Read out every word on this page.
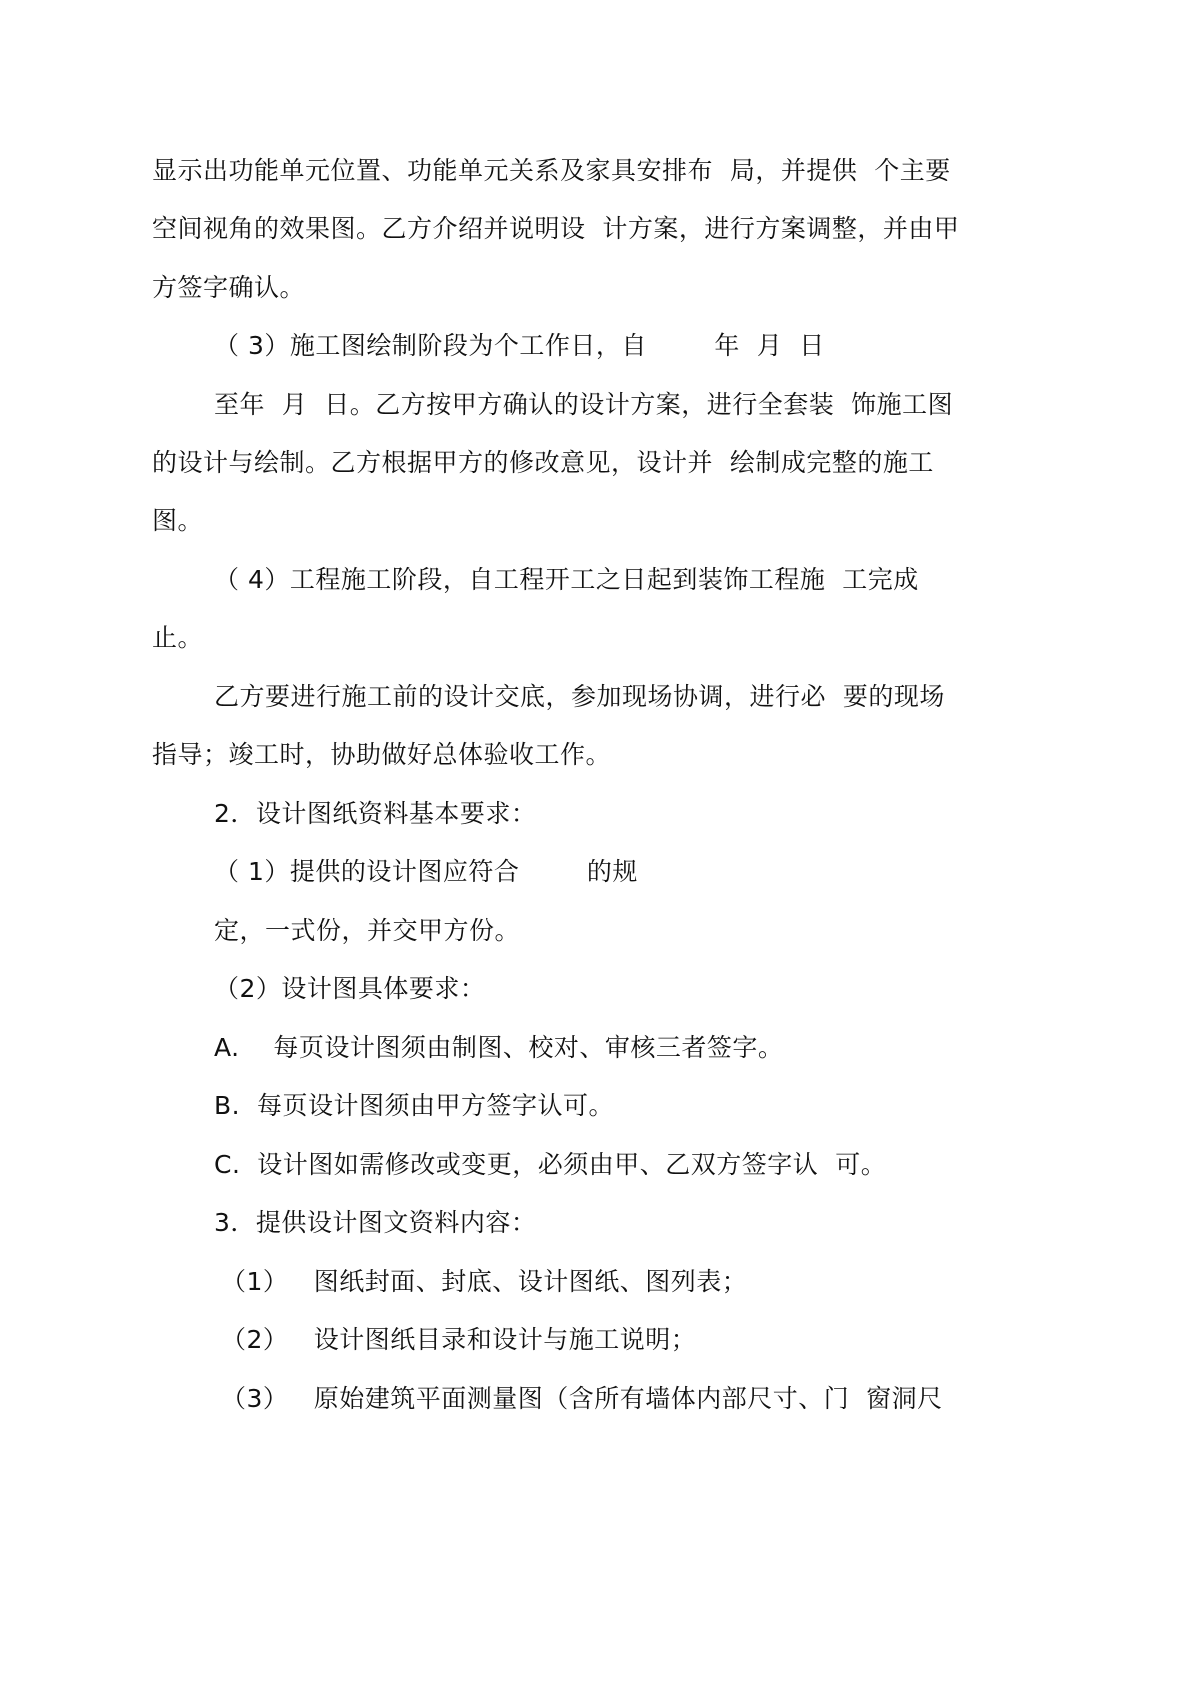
显示出功能单元位置、功能单元关系及家具安排布  局，并提供  个主要
空间视角的效果图。乙方介绍并说明设  计方案，进行方案调整，并由甲
方签字确认。
（ 3）施工图绘制阶段为个工作日，自        年  月  日
至年  月  日。乙方按甲方确认的设计方案，进行全套装  饰施工图
的设计与绘制。乙方根据甲方的修改意见，设计并  绘制成完整的施工
图。
（ 4）工程施工阶段，自工程开工之日起到装饰工程施  工完成
止。
乙方要进行施工前的设计交底，参加现场协调，进行必  要的现场
指导；竣工时，协助做好总体验收工作。
2．设计图纸资料基本要求：
（ 1）提供的设计图应符合        的规
定，一式份，并交甲方份。
（2）设计图具体要求：
A.    每页设计图须由制图、校对、审核三者签字。
B.  每页设计图须由甲方签字认可。
C.  设计图如需修改或变更，必须由甲、乙双方签字认  可。
3．提供设计图文资料内容：
（1）   图纸封面、封底、设计图纸、图列表；
（2）   设计图纸目录和设计与施工说明；
（3）   原始建筑平面测量图（含所有墙体内部尺寸、门  窗洞尺
